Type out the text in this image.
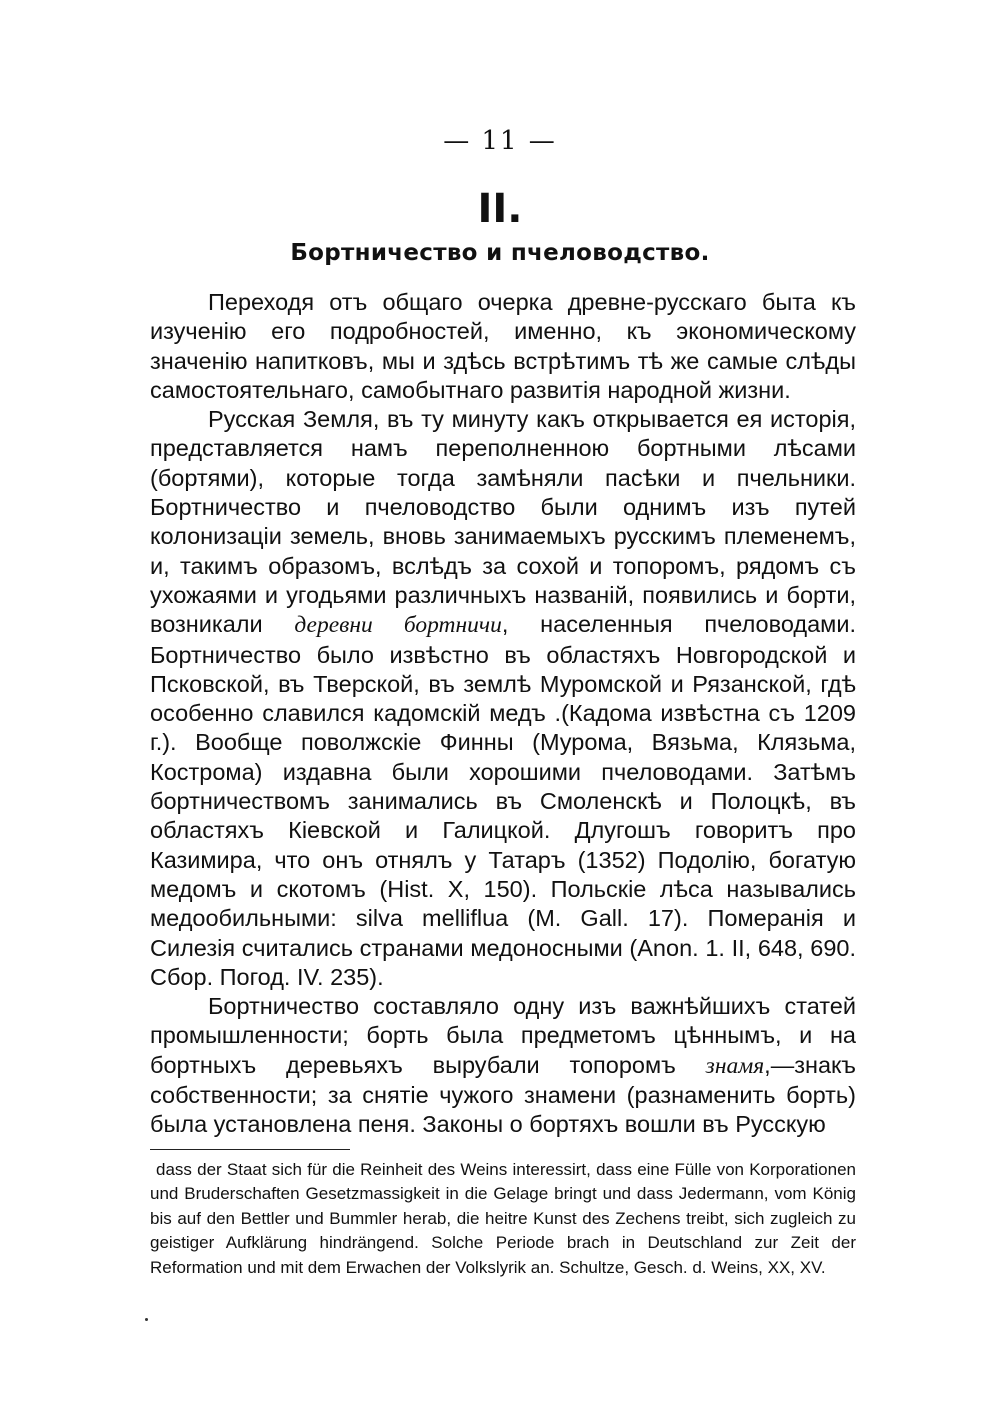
— 11 —
II.
Бортничество и пчеловодство.

Переходя отъ общаго очерка древне-русскаго быта къ изученiю его подробностей, именно, къ экономическому значенiю напитковъ, мы и здѣсь встрѣтимъ тѣ же самые слѣды самостоятельнаго, самобытнаго развитiя народной жизни.

Русская Земля, въ ту минуту какъ открывается ея исторiя, представляется намъ переполненною бортными лѣсами (бортями), которые тогда замѣняли пасѣки и пчельники. Бортничество и пчеловодство были однимъ изъ путей колонизацiи земель, вновь занимаемыхъ русскимъ племенемъ, и, такимъ образомъ, вслѣдъ за сохой и топоромъ, рядомъ съ ухожаями и угодьями различныхъ названiй, появились и борти, возникали деревни бортничи, населенныя пчеловодами. Бортничество было извѣстно въ областяхъ Новгородской и Псковской, въ Тверской, въ землѣ Муромской и Рязанской, гдѣ особенно славился кадомскiй медъ .(Кадома извѣстна съ 1209 г.). Вообще поволжскiе Финны (Мурома, Вязьма, Клязьма, Кострома) издавна были хорошими пчеловодами. Затѣмъ бортничествомъ занимались въ Смоленскѣ и Полоцкѣ, въ областяхъ Кiевской и Галицкой. Длугошъ говоритъ про Казимира, что онъ отнялъ у Татаръ (1352) Подолiю, богатую медомъ и скотомъ (Hist. X, 150). Польскiе лѣса назывались медообильными: silva melliflua (M. Gall. 17). Померанiя и Силезiя считались странами медоносными (Anon. 1. II, 648, 690. Сбор. Погод. IV. 235).

Бортничество составляло одну изъ важнѣйшихъ статей промышленности; борть была предметомъ цѣннымъ, и на бортныхъ деревьяхъ вырубали топоромъ знамя,—знакъ собственности; за снятiе чужого знамени (разнаменить борть) была установлена пеня. Законы о бортяхъ вошли въ Русскую

dass der Staat sich für die Reinheit des Weins interessirt, dass eine Fülle von Korporationen und Bruderschaften Gesetzmassigkeit in die Gelage bringt und dass Jedermann, vom König bis auf den Bettler und Bummler herab, die heitre Kunst des Zechens treibt, sich zugleich zu geistiger Aufklärung hindrängend. Solche Periode brach in Deutschland zur Zeit der Reformation und mit dem Erwachen der Volkslyrik an. Schultze, Gesch. d. Weins, XX, XV.
